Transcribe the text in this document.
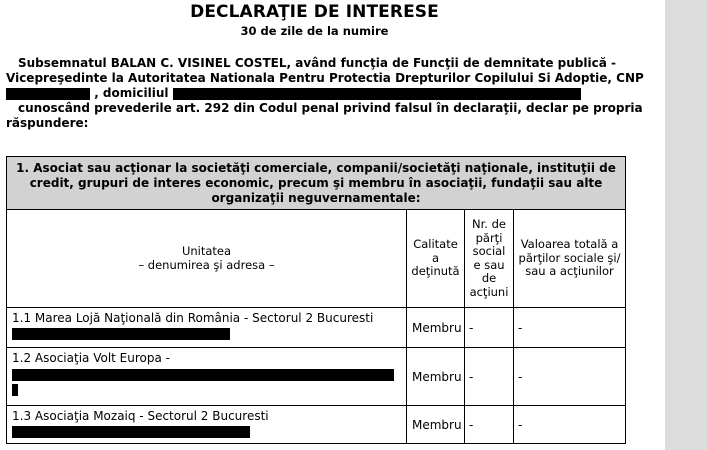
DECLARAŢIE DE INTERESE
30 de zile de la numire
Subsemnatul BALAN C. VISINEL COSTEL, având funcţia de Funcţii de demnitate publică -
Vicepreşedinte la Autoritatea Nationala Pentru Protectia Drepturilor Copilului Si Adoptie, CNP
, domiciliul
cunoscând prevederile art. 292 din Codul penal privind falsul în declaraţii, declar pe propria
răspundere:
1. Asociat sau acţionar la societăţi comerciale, companii/societăţi naţionale, instituţii de credit, grupuri de interes economic, precum şi membru în asociaţii, fundaţii sau alte organizaţii neguvernamentale:			
Unitatea
– denumirea şi adresa –	Calitate a deţinută	Nr. de părţi social e sau de acţiuni	Valoarea totală a părţilor sociale şi/ sau a acţiunilor
1.1 Marea Lojă Naţională din România - Sectorul 2 Bucuresti	Membru	-	-
1.2 Asociaţia Volt Europa -	Membru	-	-
1.3 Asociaţia Mozaiq - Sectorul 2 Bucuresti	Membru	-	-
